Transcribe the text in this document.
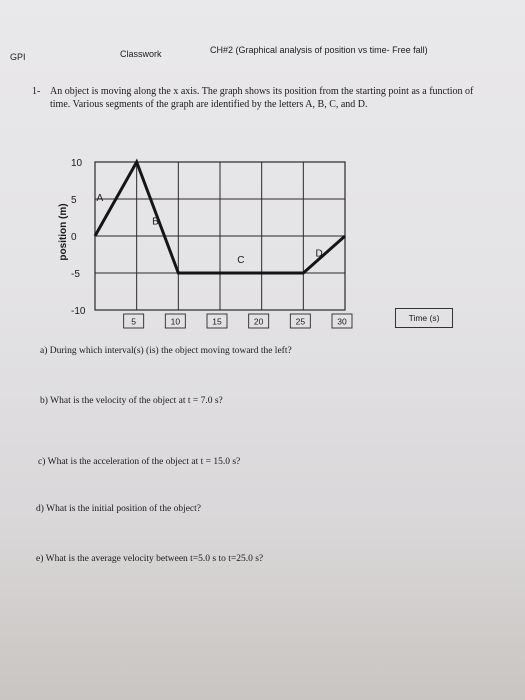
GPI	Classwork	CH#2 (Graphical analysis of position vs time- Free fall)
1- An object is moving along the x axis. The graph shows its position from the starting point as a function of time. Various segments of the graph are identified by the letters A, B, C, and D.
10
5
0
-5
-10
5	10	15	20	25	30
A
B
C
D
position (m)
Time (s)
a) During which interval(s) (is) the object moving toward the left?
b) What is the velocity of the object at t = 7.0 s?
c) What is the acceleration of the object at t = 15.0 s?
d) What is the initial position of the object?
e) What is the average velocity between t=5.0 s to t=25.0 s?
